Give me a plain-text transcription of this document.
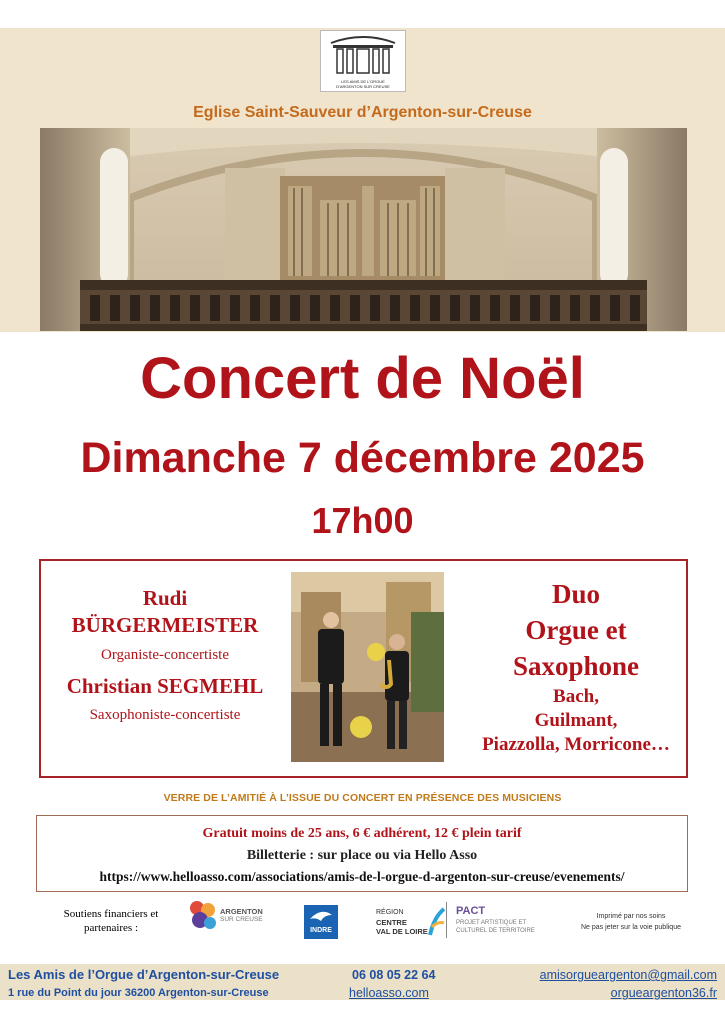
LES AMIS DE L'ORGUE
D'ARGENTON SUR CREUSE
Eglise Saint-Sauveur d’Argenton-sur-Creuse
Concert de Noël
Dimanche 7 décembre 2025
17h00
Rudi
BÜRGERMEISTER
Organiste-concertiste
Christian SEGMEHL
Saxophoniste-concertiste
Duo
Orgue et
Saxophone
Bach,
Guilmant,
Piazzolla, Morricone…
VERRE DE L’AMITIÉ À L’ISSUE DU CONCERT EN PRÉSENCE DES MUSICIENS
Gratuit moins de 25 ans, 6 € adhérent, 12 € plein tarif
Billetterie : sur place ou via Hello Asso
https://www.helloasso.com/associations/amis-de-l-orgue-d-argenton-sur-creuse/evenements/
Soutiens financiers et
partenaires :
ARGENTON
SUR CREUSE
INDRE
RÉGION
CENTRE
VAL DE LOIRE
PACT
PROJET ARTISTIQUE ET
CULTUREL DE TERRITOIRE
Imprimé par nos soins
Ne pas jeter sur la voie publique
Les Amis de l’Orgue d’Argenton-sur-Creuse
1 rue du Point du jour 36200 Argenton-sur-Creuse
06 08 05 22 64
helloasso.com
amisorgueargenton@gmail.com
orgueargenton36.fr
